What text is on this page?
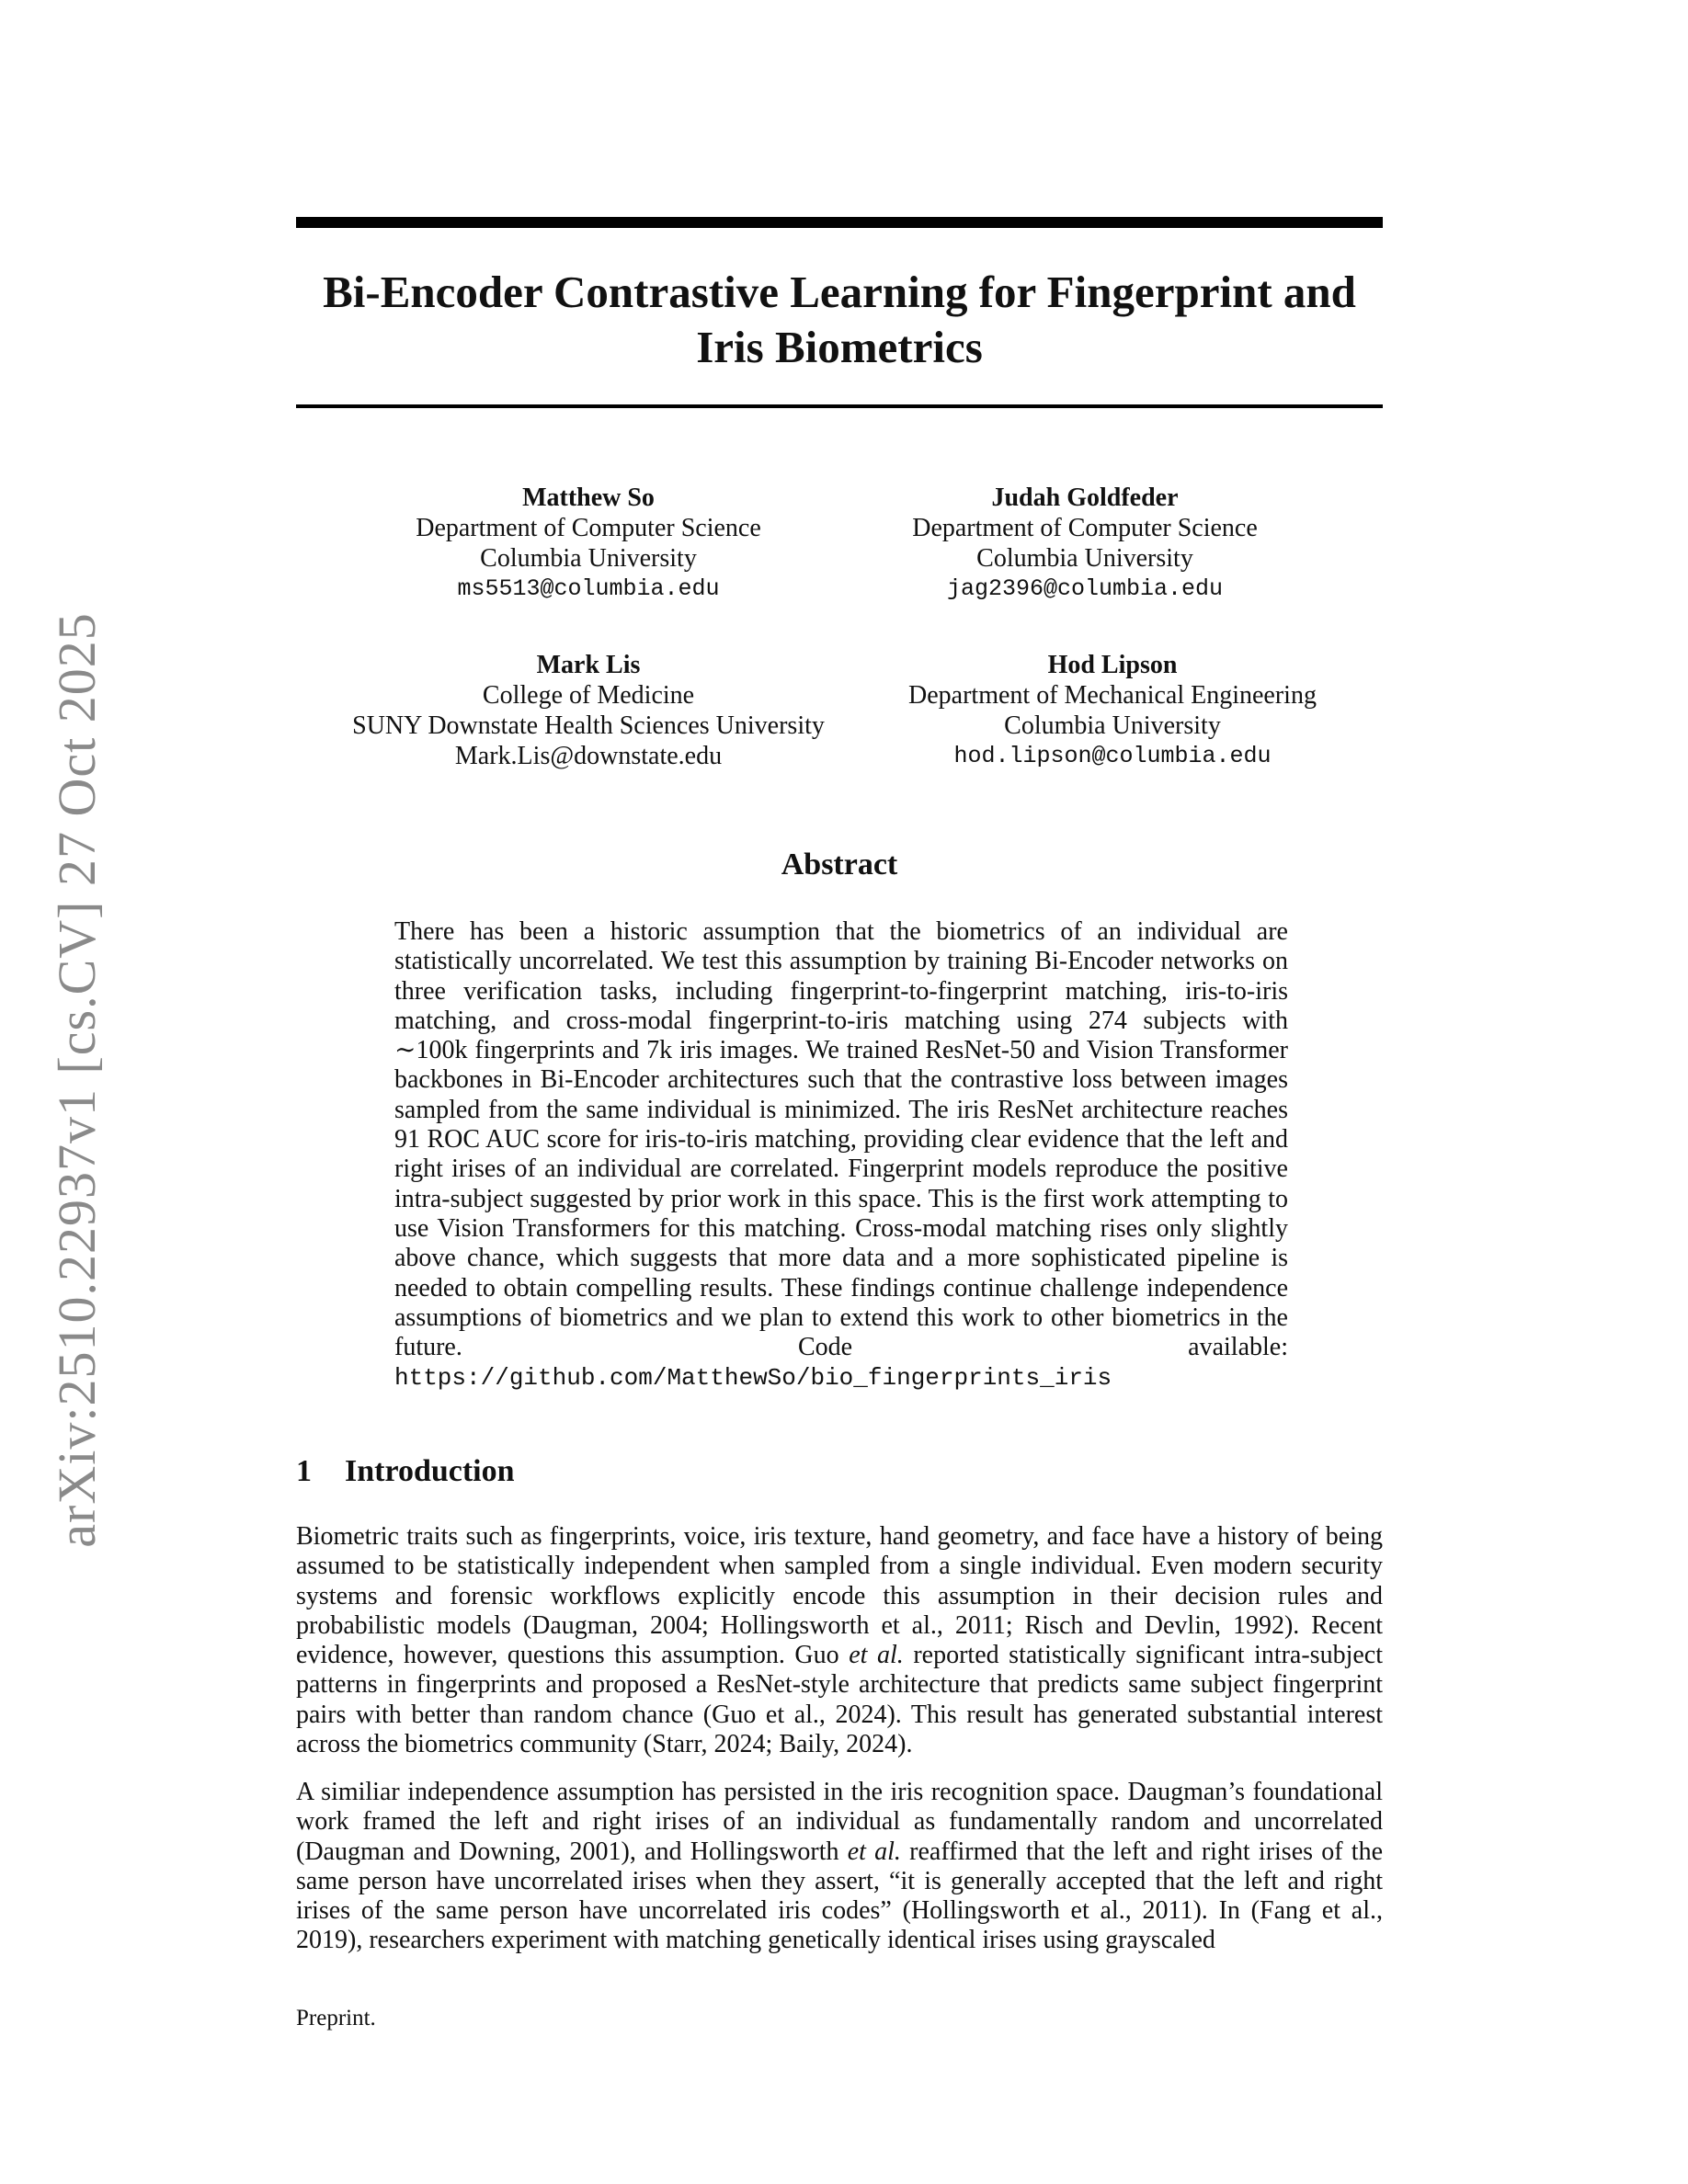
arXiv:2510.22937v1 [cs.CV] 27 Oct 2025
Bi-Encoder Contrastive Learning for Fingerprint and Iris Biometrics
Matthew So
Department of Computer Science
Columbia University
ms5513@columbia.edu
Judah Goldfeder
Department of Computer Science
Columbia University
jag2396@columbia.edu
Mark Lis
College of Medicine
SUNY Downstate Health Sciences University
Mark.Lis@downstate.edu
Hod Lipson
Department of Mechanical Engineering
Columbia University
hod.lipson@columbia.edu
Abstract
There has been a historic assumption that the biometrics of an individual are statistically uncorrelated. We test this assumption by training Bi-Encoder networks on three verification tasks, including fingerprint-to-fingerprint matching, iris-to-iris matching, and cross-modal fingerprint-to-iris matching using 274 subjects with ∼100k fingerprints and 7k iris images. We trained ResNet-50 and Vision Transformer backbones in Bi-Encoder architectures such that the contrastive loss between images sampled from the same individual is minimized. The iris ResNet architecture reaches 91 ROC AUC score for iris-to-iris matching, providing clear evidence that the left and right irises of an individual are correlated. Fingerprint models reproduce the positive intra-subject suggested by prior work in this space. This is the first work attempting to use Vision Transformers for this matching. Cross-modal matching rises only slightly above chance, which suggests that more data and a more sophisticated pipeline is needed to obtain compelling results. These findings continue challenge independence assumptions of biometrics and we plan to extend this work to other biometrics in the future. Code available: https://github.com/MatthewSo/bio_fingerprints_iris
1 Introduction
Biometric traits such as fingerprints, voice, iris texture, hand geometry, and face have a history of being assumed to be statistically independent when sampled from a single individual. Even modern security systems and forensic workflows explicitly encode this assumption in their decision rules and probabilistic models (Daugman, 2004; Hollingsworth et al., 2011; Risch and Devlin, 1992). Recent evidence, however, questions this assumption. Guo et al. reported statistically significant intra-subject patterns in fingerprints and proposed a ResNet-style architecture that predicts same subject fingerprint pairs with better than random chance (Guo et al., 2024). This result has generated substantial interest across the biometrics community (Starr, 2024; Baily, 2024).
A similiar independence assumption has persisted in the iris recognition space. Daugman’s foundational work framed the left and right irises of an individual as fundamentally random and uncorrelated (Daugman and Downing, 2001), and Hollingsworth et al. reaffirmed that the left and right irises of the same person have uncorrelated irises when they assert, “it is generally accepted that the left and right irises of the same person have uncorrelated iris codes” (Hollingsworth et al., 2011). In (Fang et al., 2019), researchers experiment with matching genetically identical irises using grayscaled
Preprint.
